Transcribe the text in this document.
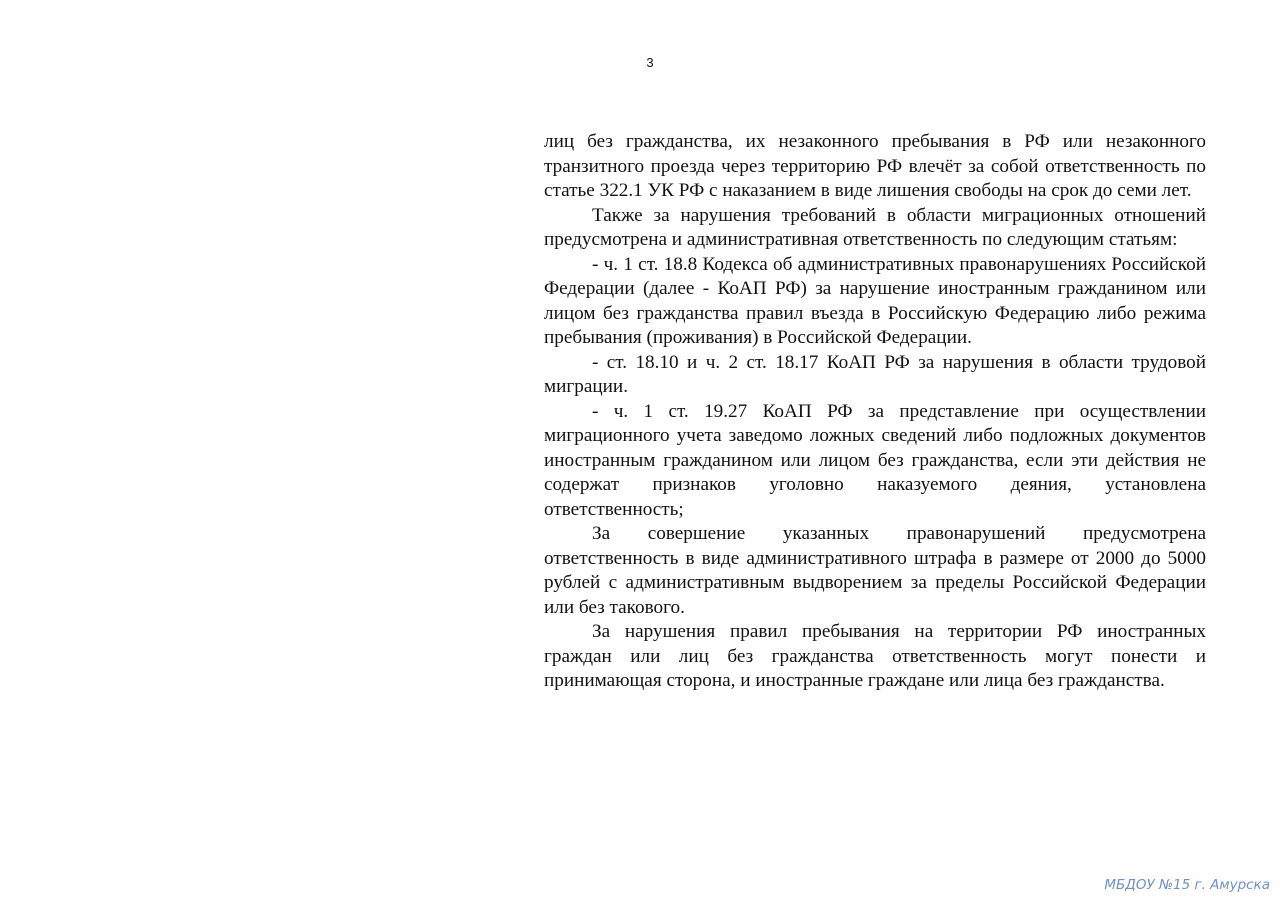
3

лиц без гражданства, их незаконного пребывания в РФ или незаконного транзитного проезда через территорию РФ влечёт за собой ответственность по статье 322.1 УК РФ с наказанием в виде лишения свободы на срок до семи лет.

Также за нарушения требований в области миграционных отношений предусмотрена и административная ответственность по следующим статьям:

- ч. 1 ст. 18.8 Кодекса об административных правонарушениях Российской Федерации (далее - КоАП РФ) за нарушение иностранным гражданином или лицом без гражданства правил въезда в Российскую Федерацию либо режима пребывания (проживания) в Российской Федерации.

- ст. 18.10 и ч. 2 ст. 18.17 КоАП РФ за нарушения в области трудовой миграции.

- ч. 1 ст. 19.27 КоАП РФ за представление при осуществлении миграционного учета заведомо ложных сведений либо подложных документов иностранным гражданином или лицом без гражданства, если эти действия не содержат признаков уголовно наказуемого деяния, установлена ответственность;

За совершение указанных правонарушений предусмотрена ответственность в виде административного штрафа в размере от 2000 до 5000 рублей с административным выдворением за пределы Российской Федерации или без такового.

За нарушения правил пребывания на территории РФ иностранных граждан или лиц без гражданства ответственность могут понести и принимающая сторона, и иностранные граждане или лица без гражданства.

МБДОУ №15 г. Амурска
